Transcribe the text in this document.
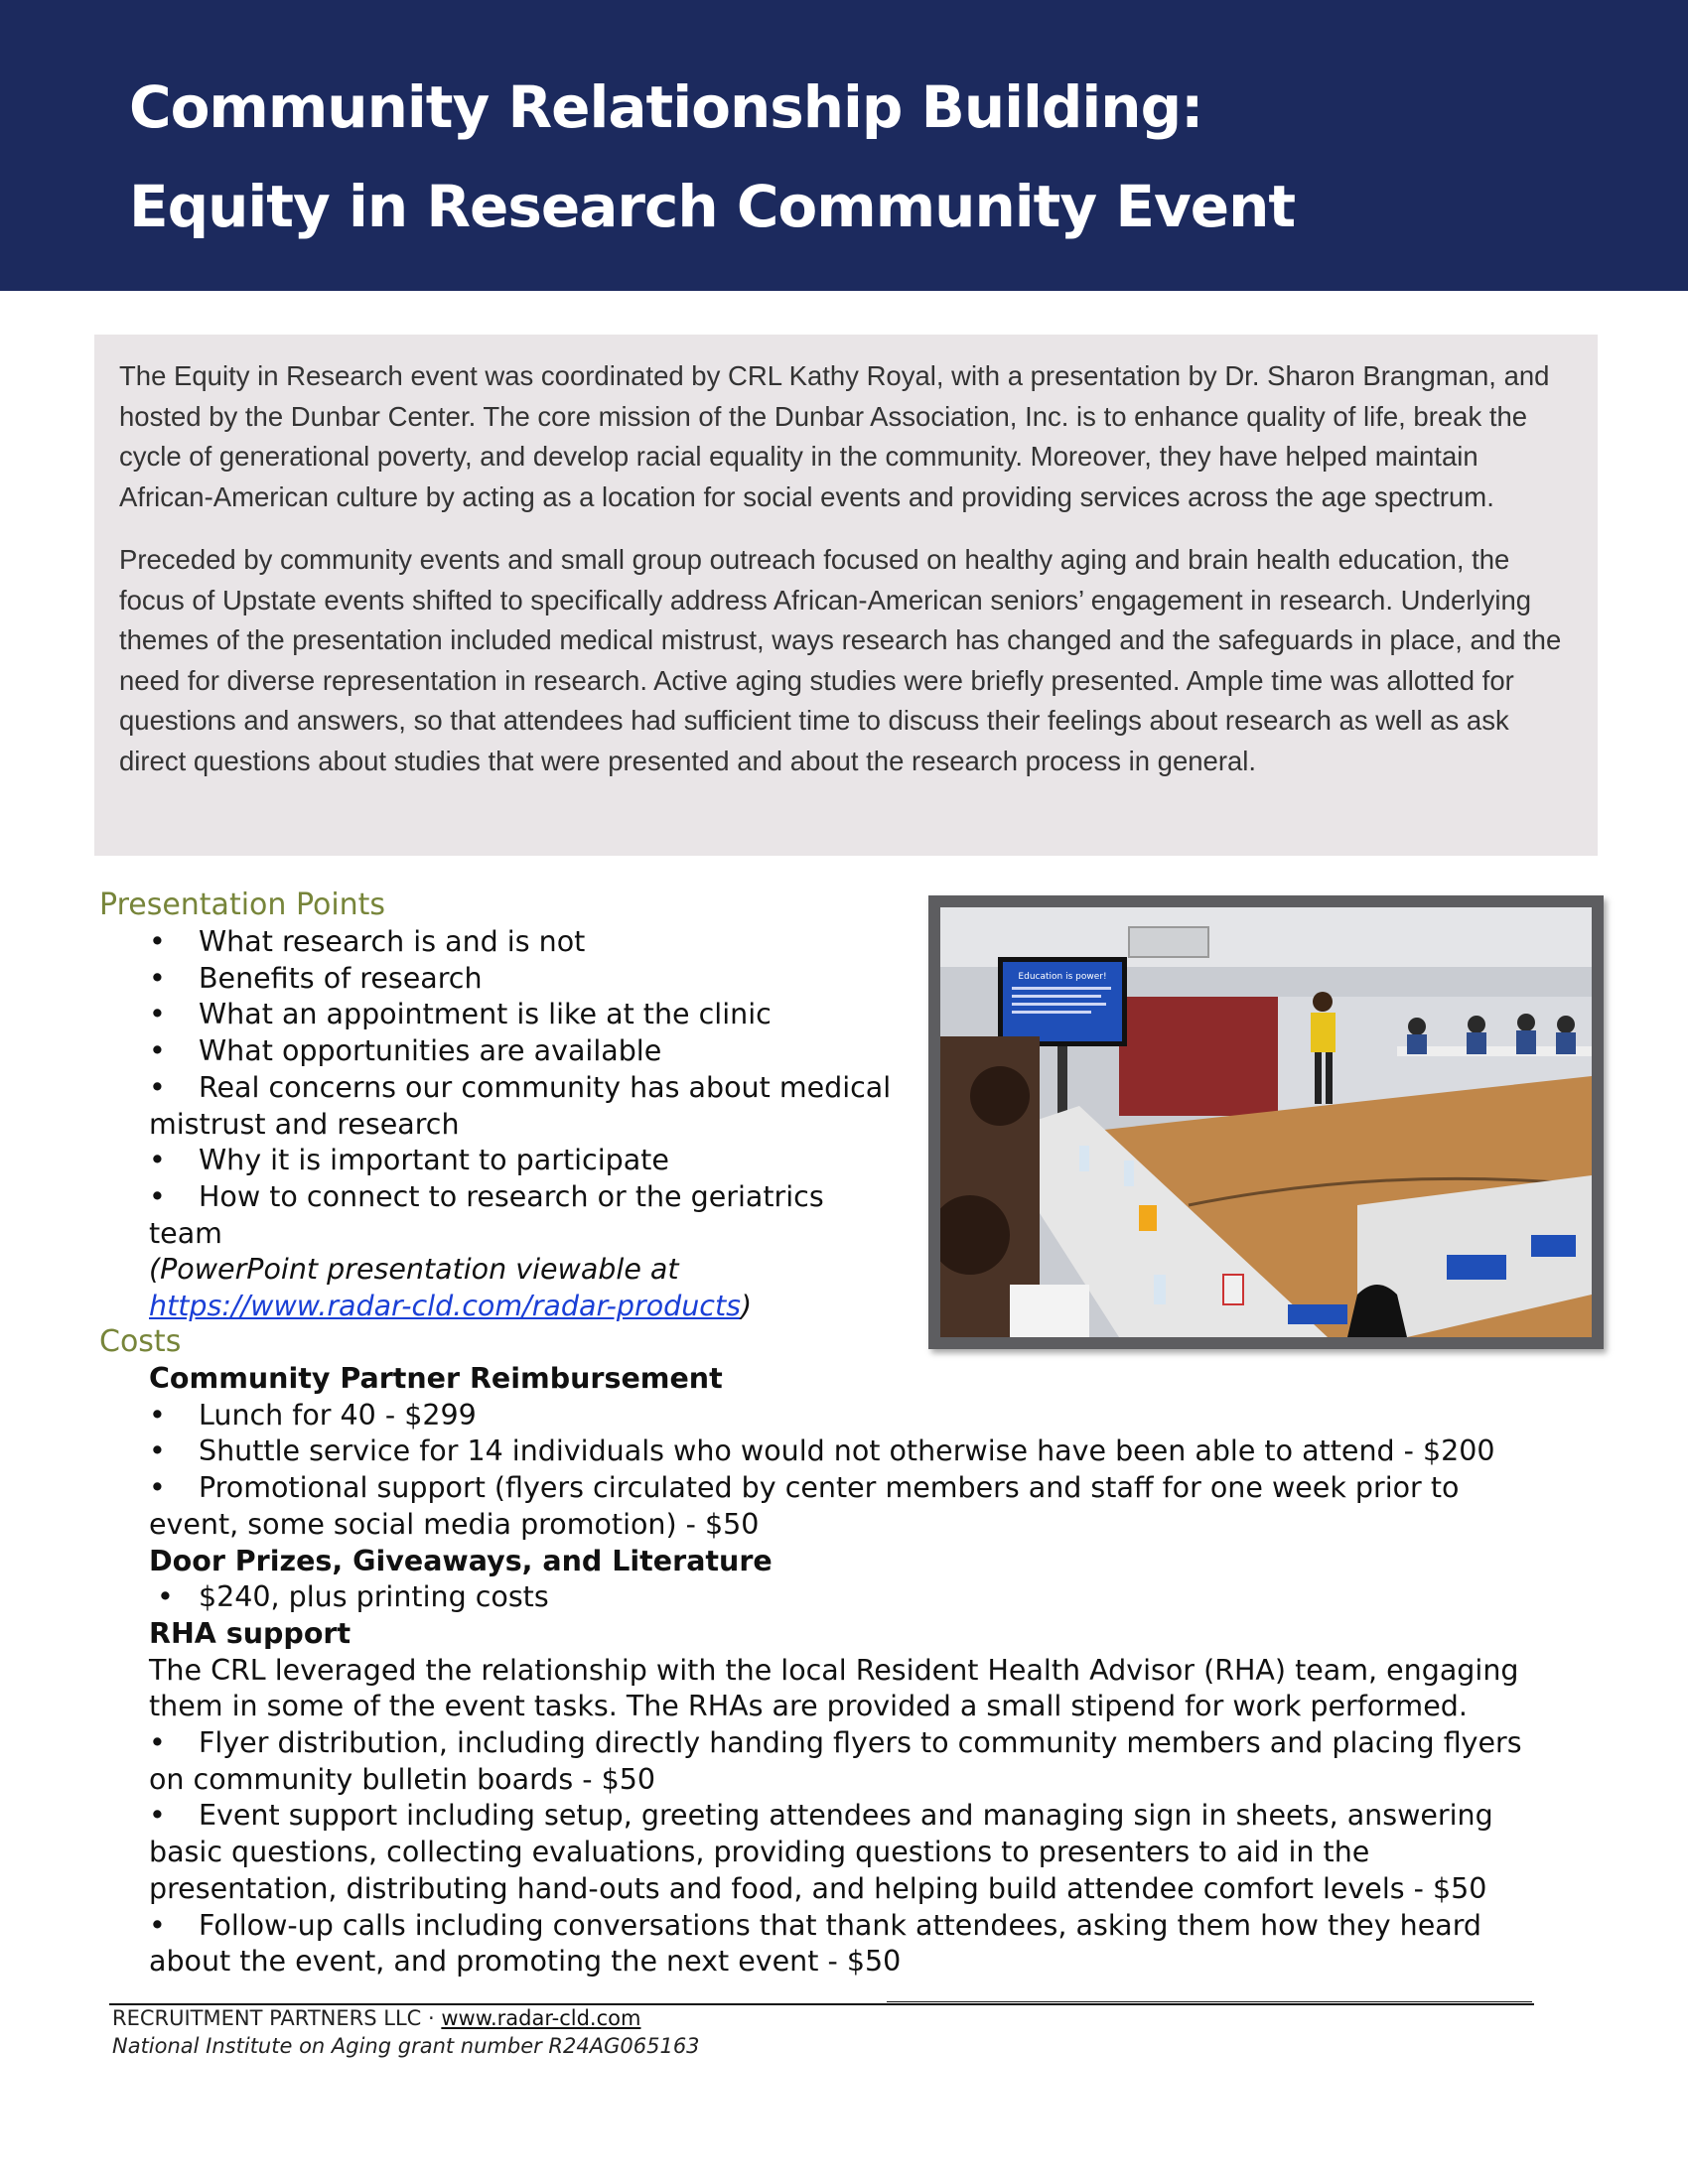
Community Relationship Building:
Equity in Research Community Event

The Equity in Research event was coordinated by CRL Kathy Royal, with a presentation by Dr. Sharon Brangman, and hosted by the Dunbar Center. The core mission of the Dunbar Association, Inc. is to enhance quality of life, break the cycle of generational poverty, and develop racial equality in the community. Moreover, they have helped maintain African-American culture by acting as a location for social events and providing services across the age spectrum.

Preceded by community events and small group outreach focused on healthy aging and brain health education, the focus of Upstate events shifted to specifically address African-American seniors’ engagement in research. Underlying themes of the presentation included medical mistrust, ways research has changed and the safeguards in place, and the need for diverse representation in research. Active aging studies were briefly presented. Ample time was allotted for questions and answers, so that attendees had sufficient time to discuss their feelings about research as well as ask direct questions about studies that were presented and about the research process in general.

Presentation Points
• What research is and is not
• Benefits of research
• What an appointment is like at the clinic
• What opportunities are available
• Real concerns our community has about medical
mistrust and research
• Why it is important to participate
• How to connect to research or the geriatrics team
(PowerPoint presentation viewable at
https://www.radar-cld.com/radar-products)
Education is power!
Costs
Community Partner Reimbursement
• Lunch for 40 - $299
• Shuttle service for 14 individuals who would not otherwise have been able to attend - $200
• Promotional support (flyers circulated by center members and staff for one week prior to
event, some social media promotion) - $50
Door Prizes, Giveaways, and Literature
• $240, plus printing costs
RHA support
The CRL leveraged the relationship with the local Resident Health Advisor (RHA) team, engaging
them in some of the event tasks. The RHAs are provided a small stipend for work performed.
• Flyer distribution, including directly handing flyers to community members and placing flyers
on community bulletin boards - $50
• Event support including setup, greeting attendees and managing sign in sheets, answering
basic questions, collecting evaluations, providing questions to presenters to aid in the
presentation, distributing hand-outs and food, and helping build attendee comfort levels - $50
• Follow-up calls including conversations that thank attendees, asking them how they heard
about the event, and promoting the next event - $50
RECRUITMENT PARTNERS LLC · www.radar-cld.com
National Institute on Aging grant number R24AG065163
